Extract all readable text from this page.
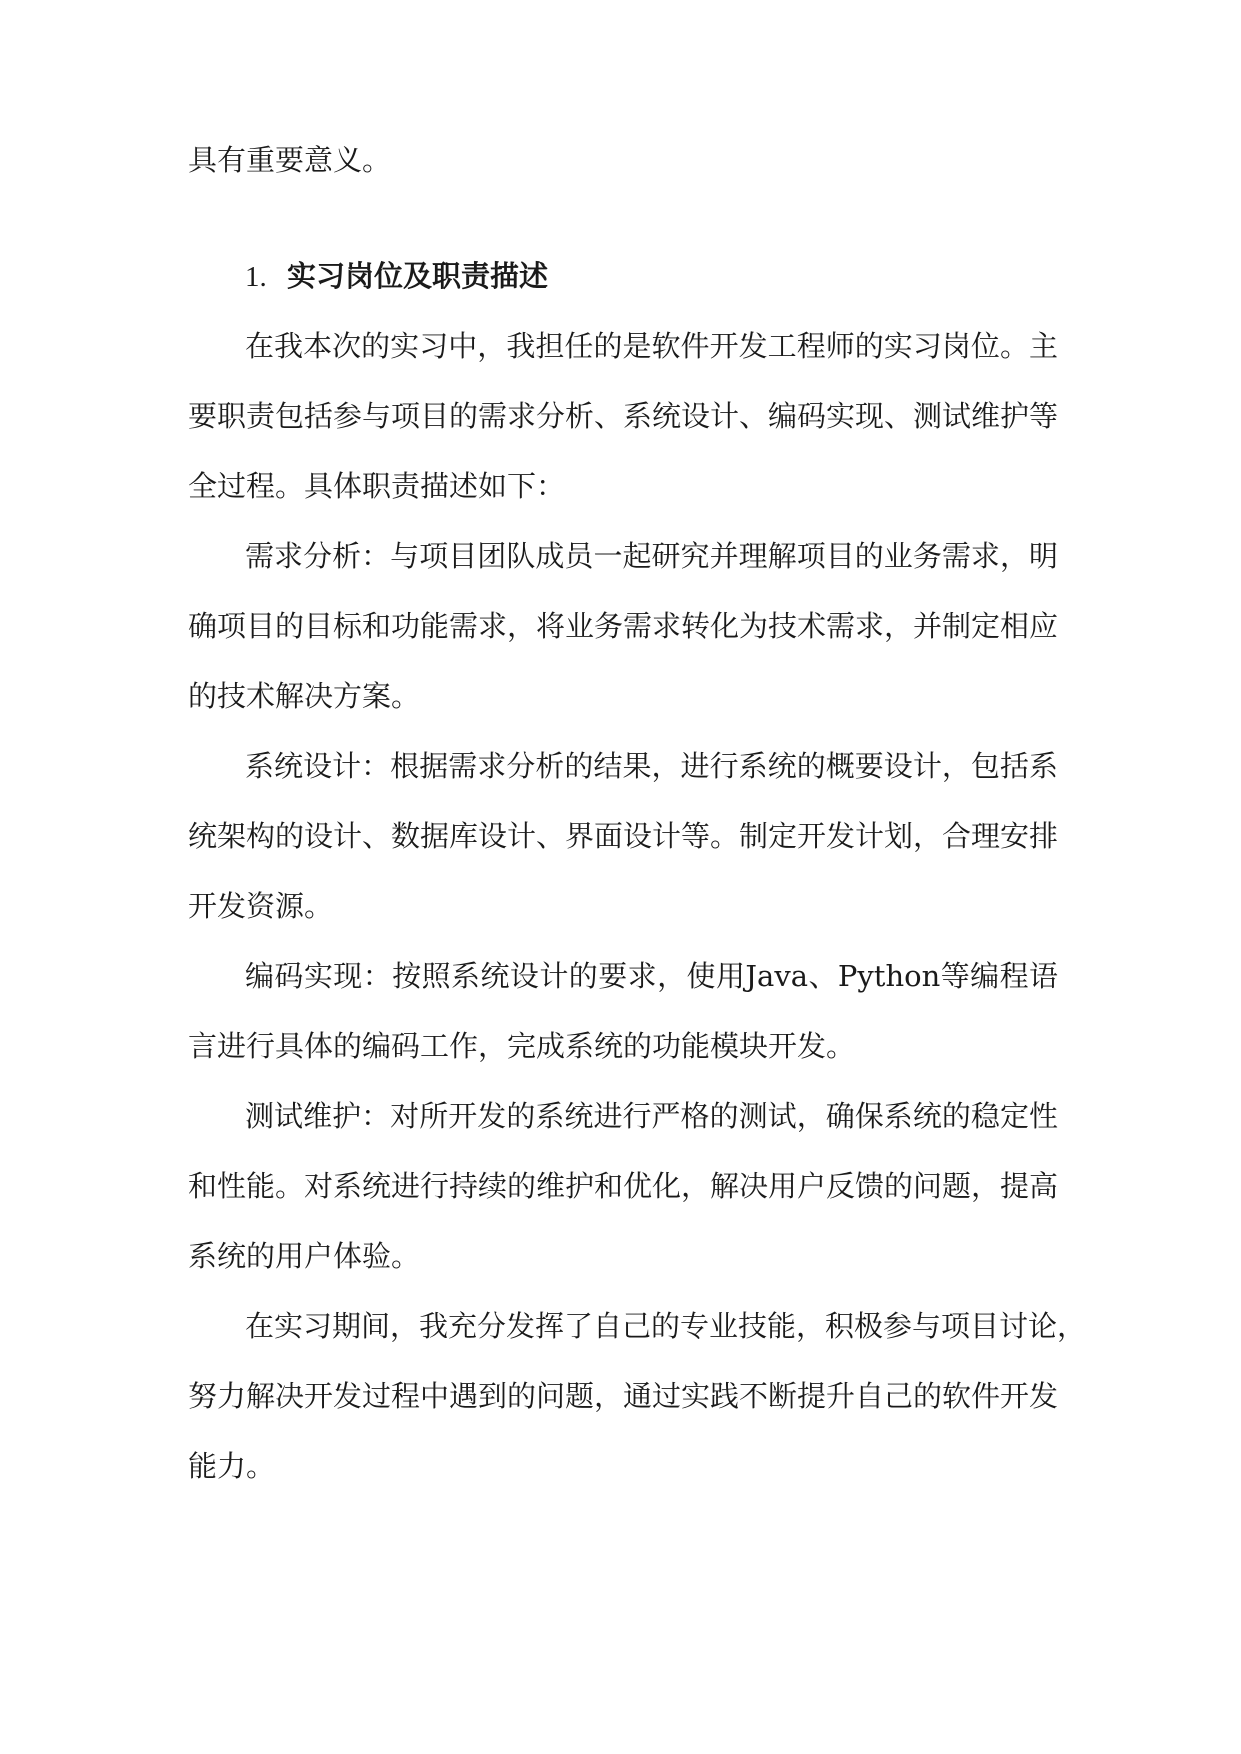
具有重要意义。
1. 实习岗位及职责描述
在我本次的实习中，我担任的是软件开发工程师的实习岗位。主
要职责包括参与项目的需求分析、系统设计、编码实现、测试维护等
全过程。具体职责描述如下：
需求分析：与项目团队成员一起研究并理解项目的业务需求，明
确项目的目标和功能需求，将业务需求转化为技术需求，并制定相应
的技术解决方案。
系统设计：根据需求分析的结果，进行系统的概要设计，包括系
统架构的设计、数据库设计、界面设计等。制定开发计划，合理安排
开发资源。
编码实现：按照系统设计的要求，使用Java、Python等编程语
言进行具体的编码工作，完成系统的功能模块开发。
测试维护：对所开发的系统进行严格的测试，确保系统的稳定性
和性能。对系统进行持续的维护和优化，解决用户反馈的问题，提高
系统的用户体验。
在实习期间，我充分发挥了自己的专业技能，积极参与项目讨论，
努力解决开发过程中遇到的问题，通过实践不断提升自己的软件开发
能力。
